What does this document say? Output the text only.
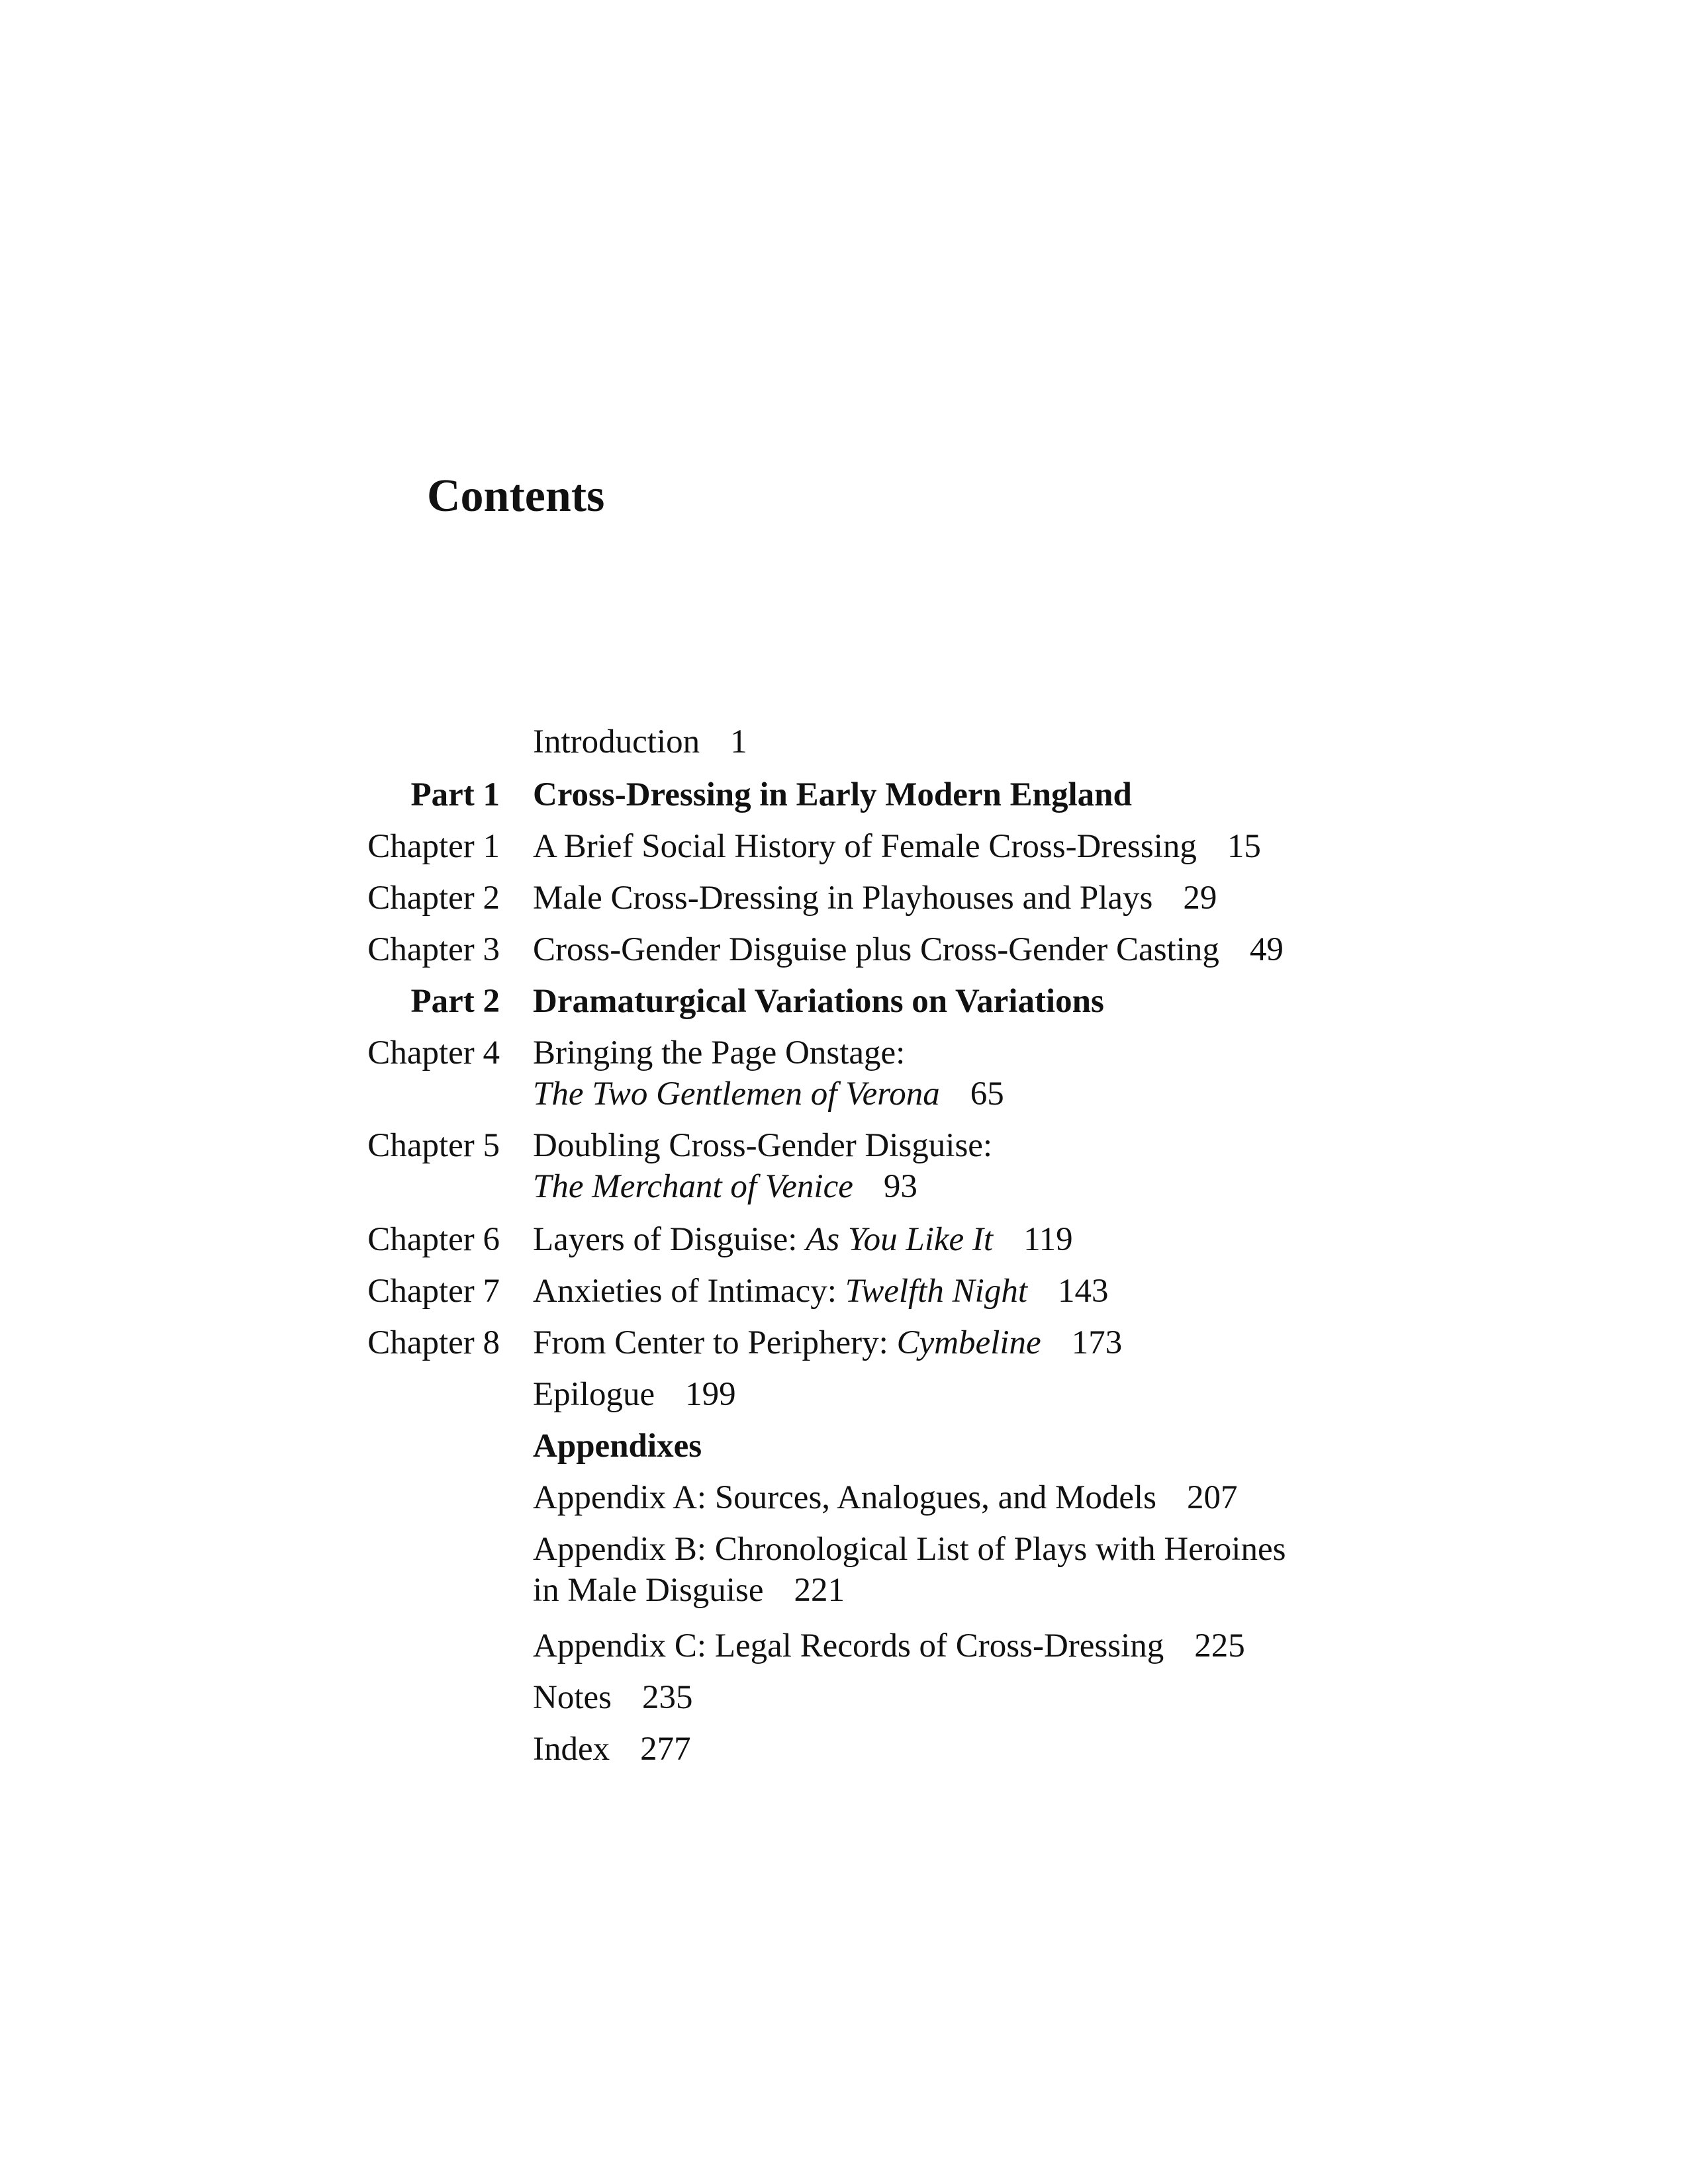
Contents
Introduction 1
Part 1 Cross-Dressing in Early Modern England
Chapter 1 A Brief Social History of Female Cross-Dressing 15
Chapter 2 Male Cross-Dressing in Playhouses and Plays 29
Chapter 3 Cross-Gender Disguise plus Cross-Gender Casting 49
Part 2 Dramaturgical Variations on Variations
Chapter 4 Bringing the Page Onstage:
The Two Gentlemen of Verona 65
Chapter 5 Doubling Cross-Gender Disguise:
The Merchant of Venice 93
Chapter 6 Layers of Disguise: As You Like It 119
Chapter 7 Anxieties of Intimacy: Twelfth Night 143
Chapter 8 From Center to Periphery: Cymbeline 173
Epilogue 199
Appendixes
Appendix A: Sources, Analogues, and Models 207
Appendix B: Chronological List of Plays with Heroines
in Male Disguise 221
Appendix C: Legal Records of Cross-Dressing 225
Notes 235
Index 277
